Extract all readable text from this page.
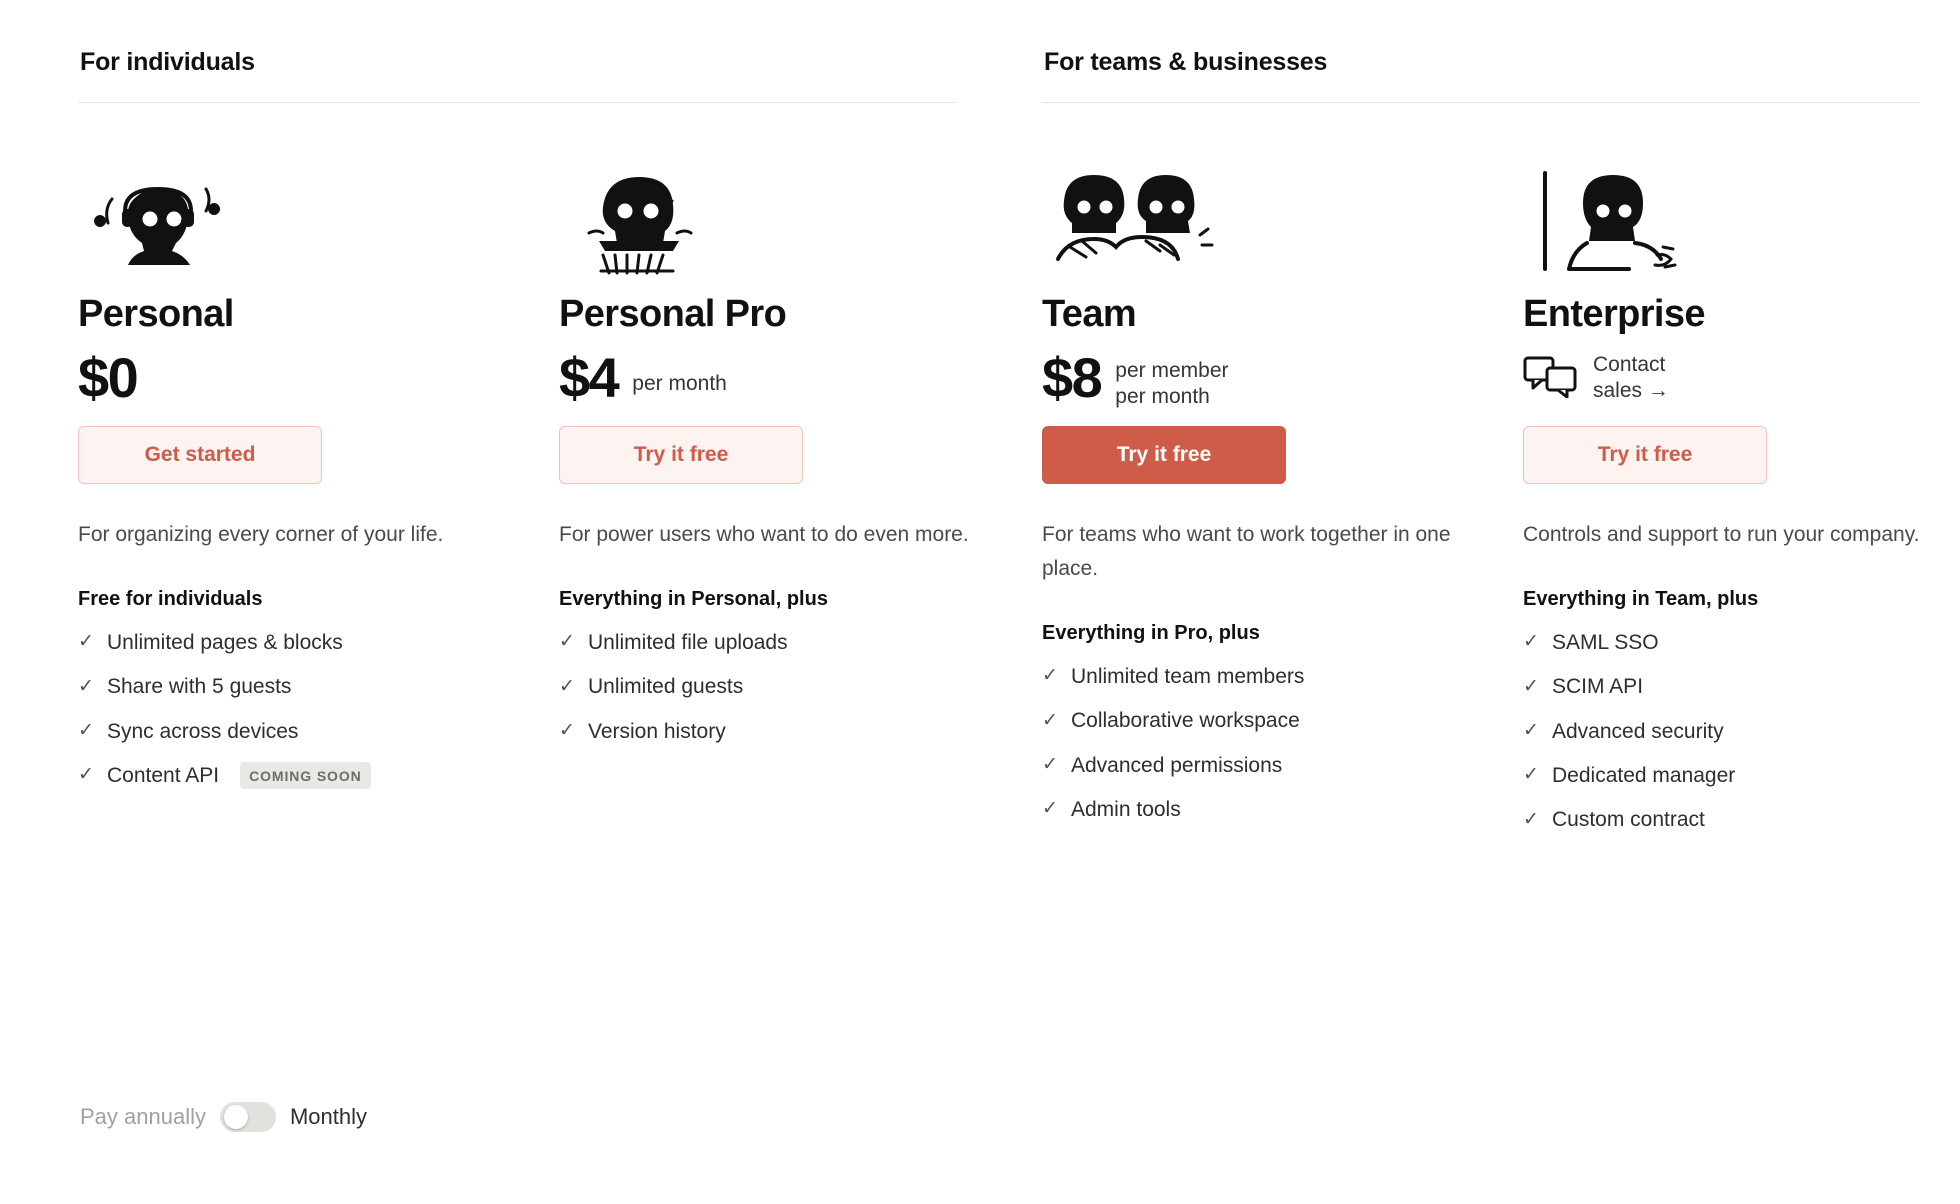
For individuals
Personal
$0
Get started

For organizing every corner of your life.

Free for individuals
✓ Unlimited pages & blocks
✓ Share with 5 guests
✓ Sync across devices
✓ Content API	COMING SOON
Personal Pro
$4 per month
Try it free

For power users who want to do even more.

Everything in Personal, plus
✓ Unlimited file uploads
✓ Unlimited guests
✓ Version history
For teams & businesses
Team
$8 per member
per month
Try it free

For teams who want to work together in one place.

Everything in Pro, plus
✓ Unlimited team members
✓ Collaborative workspace
✓ Advanced permissions
✓ Admin tools
Enterprise
Contact
sales →
Try it free

Controls and support to run your company.

Everything in Team, plus
✓ SAML SSO
✓ SCIM API
✓ Advanced security
✓ Dedicated manager
✓ Custom contract
Pay annually	Monthly
